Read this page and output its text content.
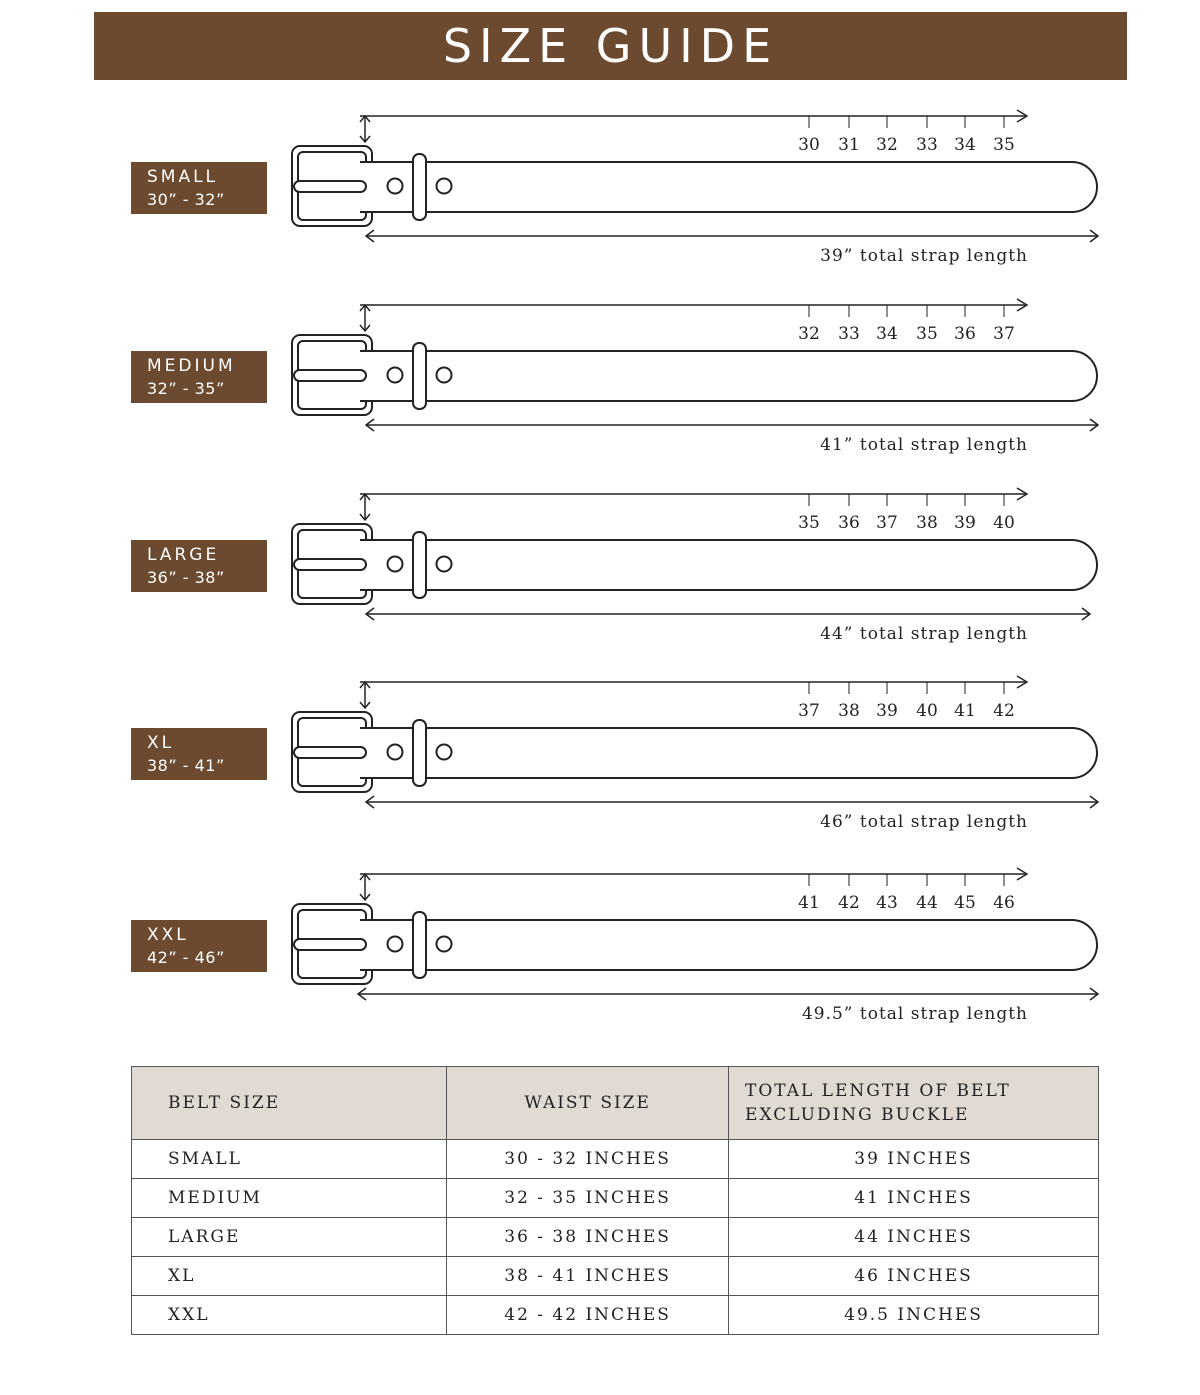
SIZE GUIDE
SMALL
30” - 32”
30 31 32 33 34 35
39” total strap length
MEDIUM
32” - 35”
32 33 34 35 36 37
41” total strap length
LARGE
36” - 38”
35 36 37 38 39 40
44” total strap length
XL
38” - 41”
37 38 39 40 41 42
46” total strap length
XXL
42” - 46”
41 42 43 44 45 46
49.5” total strap length
BELT SIZE	WAIST SIZE	TOTAL LENGTH OF BELT
EXCLUDING BUCKLE
SMALL	30 - 32 INCHES	39 INCHES
MEDIUM	32 - 35 INCHES	41 INCHES
LARGE	36 - 38 INCHES	44 INCHES
XL	38 - 41 INCHES	46 INCHES
XXL	42 - 42 INCHES	49.5 INCHES
